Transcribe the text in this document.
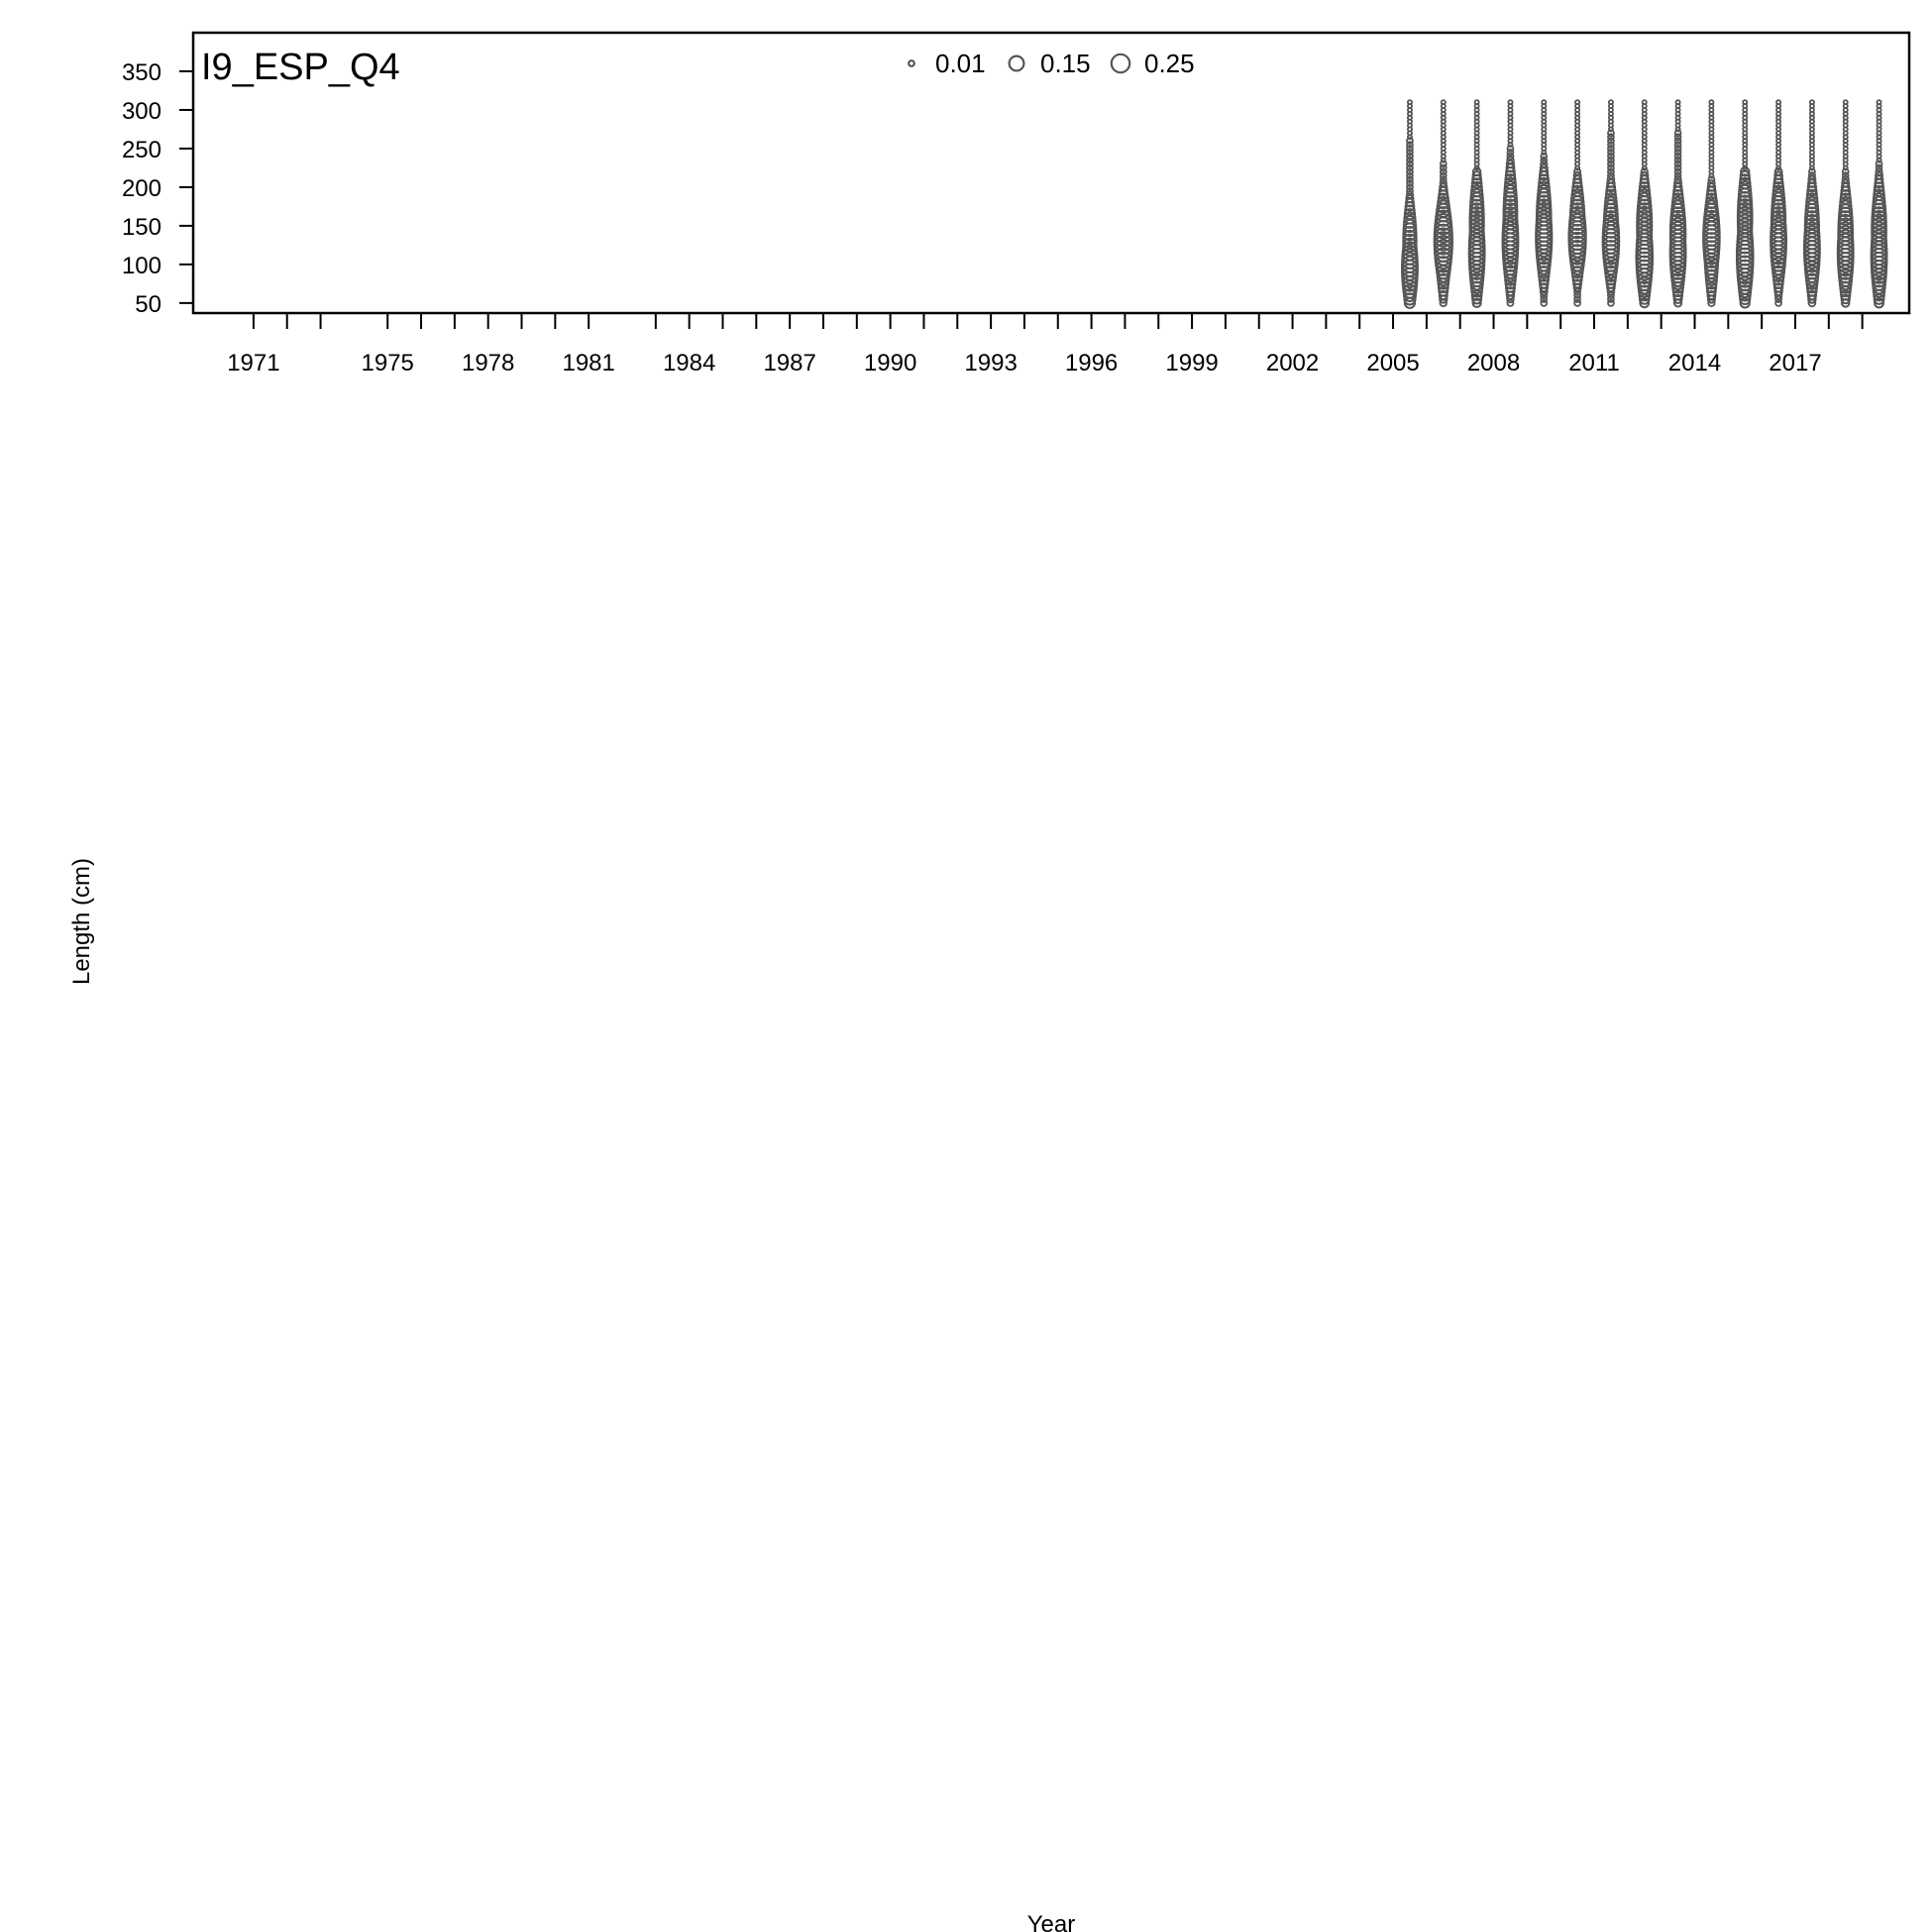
50
100
150
200
250
300
350
1971	1975 1978 1981 1984 1987 1990 1993 1996 1999 2002 2005 2008 2011 2014 2017
0.01 0.15 0.25
I9_ESP_Q4
Length (cm)
Year
